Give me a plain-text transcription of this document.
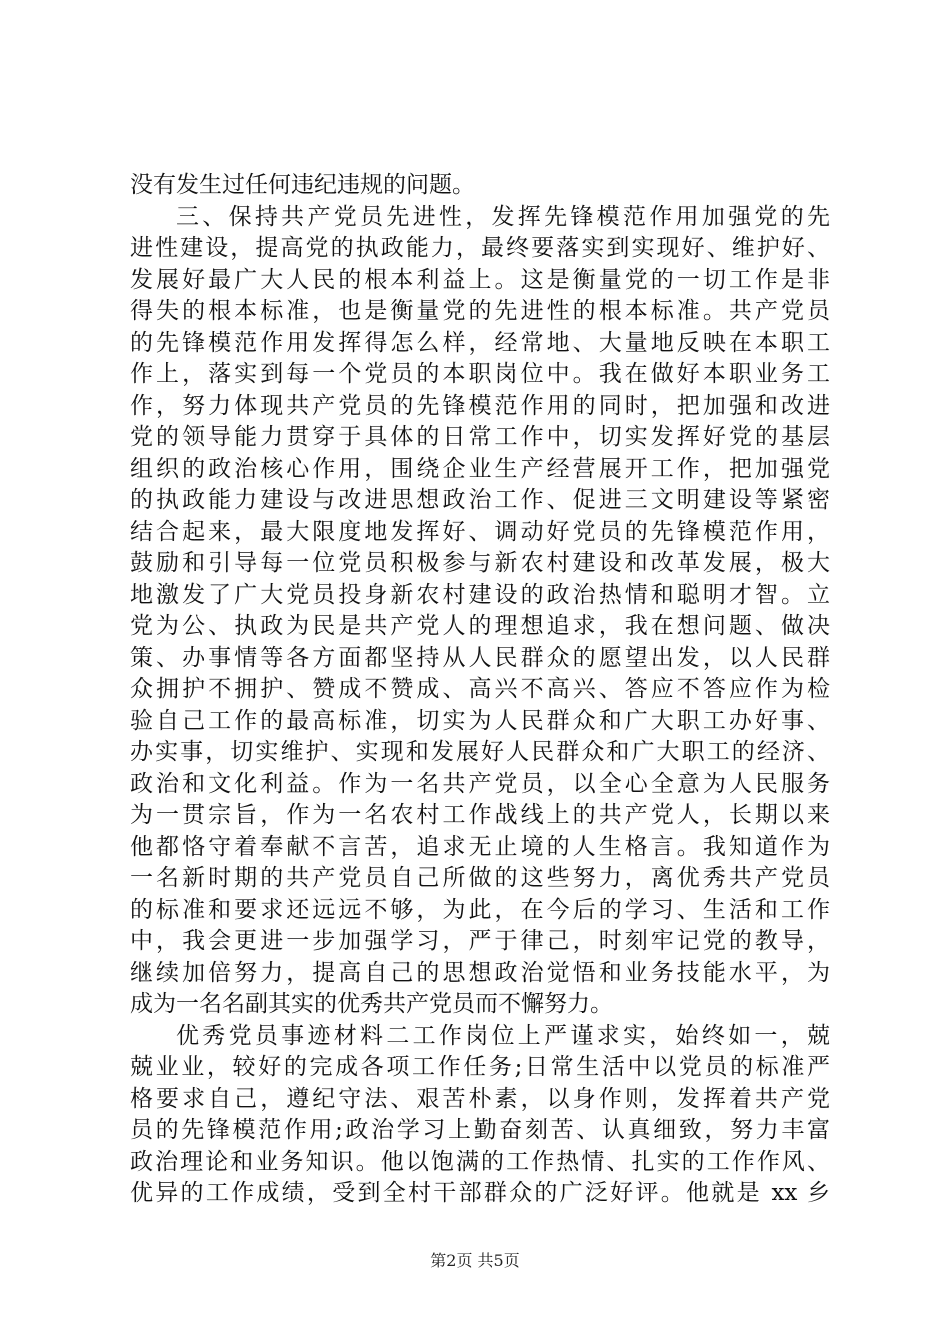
没有发生过任何违纪违规的问题。
三、保持共产党员先进性，发挥先锋模范作用加强党的先
进性建设，提高党的执政能力，最终要落实到实现好、维护好、
发展好最广大人民的根本利益上。这是衡量党的一切工作是非
得失的根本标准，也是衡量党的先进性的根本标准。共产党员
的先锋模范作用发挥得怎么样，经常地、大量地反映在本职工
作上，落实到每一个党员的本职岗位中。我在做好本职业务工
作，努力体现共产党员的先锋模范作用的同时，把加强和改进
党的领导能力贯穿于具体的日常工作中，切实发挥好党的基层
组织的政治核心作用，围绕企业生产经营展开工作，把加强党
的执政能力建设与改进思想政治工作、促进三文明建设等紧密
结合起来，最大限度地发挥好、调动好党员的先锋模范作用，
鼓励和引导每一位党员积极参与新农村建设和改革发展，极大
地激发了广大党员投身新农村建设的政治热情和聪明才智。立
党为公、执政为民是共产党人的理想追求，我在想问题、做决
策、办事情等各方面都坚持从人民群众的愿望出发，以人民群
众拥护不拥护、赞成不赞成、高兴不高兴、答应不答应作为检
验自己工作的最高标准，切实为人民群众和广大职工办好事、
办实事，切实维护、实现和发展好人民群众和广大职工的经济、
政治和文化利益。作为一名共产党员，以全心全意为人民服务
为一贯宗旨，作为一名农村工作战线上的共产党人，长期以来
他都恪守着奉献不言苦，追求无止境的人生格言。我知道作为
一名新时期的共产党员自己所做的这些努力，离优秀共产党员
的标准和要求还远远不够，为此，在今后的学习、生活和工作
中，我会更进一步加强学习，严于律己，时刻牢记党的教导，
继续加倍努力，提高自己的思想政治觉悟和业务技能水平，为
成为一名名副其实的优秀共产党员而不懈努力。
优秀党员事迹材料二工作岗位上严谨求实，始终如一，兢
兢业业，较好的完成各项工作任务;日常生活中以党员的标准严
格要求自己，遵纪守法、艰苦朴素，以身作则，发挥着共产党
员的先锋模范作用;政治学习上勤奋刻苦、认真细致，努力丰富
政治理论和业务知识。他以饱满的工作热情、扎实的工作作风、
优异的工作成绩，受到全村干部群众的广泛好评。他就是 xx 乡
第2页 共5页
